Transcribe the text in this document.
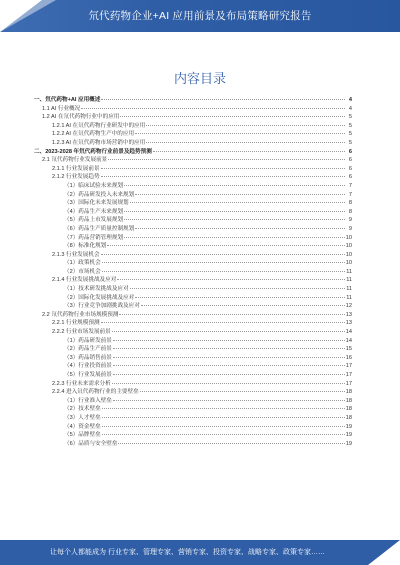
氘代药物企业+AI 应用前景及布局策略研究报告
内容目录
一、氘代药物+AI 应用概述	4
1.1 AI 行业概况	4
1.2 AI 在氘代药物行业中的应用	5
1.2.1 AI 在氘代药物行业研发中的应用	5
1.2.2 AI 在氘代药物生产中的应用	5
1.2.3 AI 在氘代药物市场营销中的应用	5
二、2023-2028 年氘代药物行业前景及趋势预测	6
2.1 氘代药物行业发展前景	6
2.1.1 行业发展前景	6
2.1.2 行业发展趋势	6
（1）临床试验未来规划	7
（2）药品研发投入未来规划	7
（3）国际化未来发展规划	8
（4）药品生产未来规划	8
（5）药品上市发展规划	9
（6）药品生产质量控制规划	9
（7）药品营销管理规划	10
（8）标准化规划	10
2.1.3 行业发展机会	10
（1）政策机会	10
（2）市场机会	11
2.1.4 行业发展挑战及应对	11
（1）技术研发挑战及应对	11
（2）国际化发展挑战及应对	11
（3）行业竞争加剧挑战及应对	12
2.2 氘代药物行业市场规模预测	13
2.2.1 行业规模预测	13
2.2.2 行业市场发展前景	14
（1）药品研发前景	14
（2）药品生产前景	15
（3）药品销售前景	16
（4）行业投资前景	17
（5）行业发展前景	17
2.2.3 行业未来需求分析	17
2.2.4 进入氘代药物行业的主要壁垒	18
（1）行业准入壁垒	18
（2）技术壁垒	18
（3）人才壁垒	18
（4）资金壁垒	19
（5）品牌壁垒	19
（6）品质与安全壁垒	19
让每个人都能成为 行业专家、管理专家、营销专家、投资专家、战略专家、政策专家……
